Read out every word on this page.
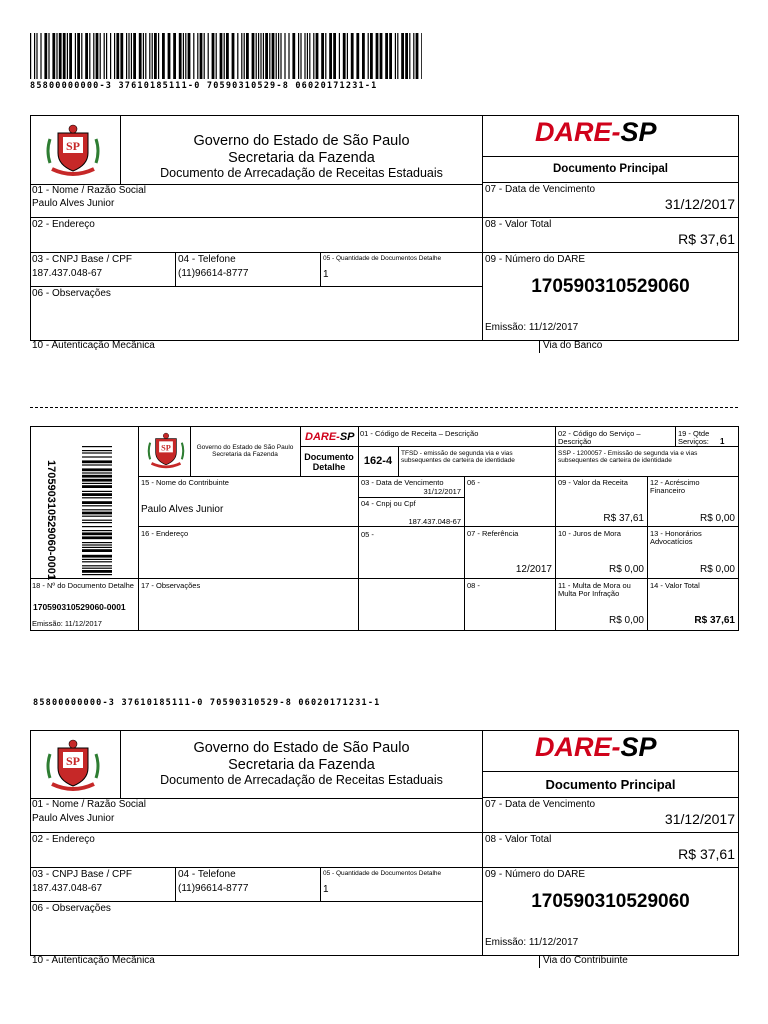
85800000000-3 37610185111-0 70590310529-8 06020171231-1
SP	Governo do Estado de São Paulo
Secretaria da Fazenda
Documento de Arrecadação de Receitas Estaduais
DARE-SP
Documento Principal
01 - Nome / Razão Social
Paulo Alves Junior
02 - Endereço
03 - CNPJ Base / CPF
187.437.048-67
04 - Telefone
(11)96614-8777
05 - Quantidade de Documentos Detalhe
1
06 - Observações
07 - Data de Vencimento
31/12/2017
08 - Valor Total
R$ 37,61
09 - Número do DARE
170590310529060
Emissão: 11/12/2017
10 - Autenticação Mecânica	Via do Banco
170590310529060-0001
SP	Governo do Estado de São Paulo
Secretaria da Fazenda
DARE-SP
Documento
Detalhe	162-4
01 - Código de Receita – Descrição
TFSD - emissão de segunda via e vias subsequentes de carteira de identidade
02 - Código do Serviço – Descrição
SSP - 1200057 - Emissão de segunda via e vias subsequentes de carteira de identidade
19 - Qtde Serviços:	1
15 - Nome do Contribuinte
Paulo Alves Junior
03 - Data de Vencimento
31/12/2017
04 - Cnpj ou Cpf
187.437.048-67
06 -	09 - Valor da Receita
R$ 37,61
12 - Acréscimo Financeiro
R$ 0,00
16 - Endereço	05 -	07 - Referência
12/2017
10 - Juros de Mora
R$ 0,00
13 - Honorários Advocatícios
R$ 0,00
18 - Nº do Documento Detalhe
170590310529060-0001
Emissão: 11/12/2017
17 - Observações	08 -	11 - Multa de Mora ou Multa Por Infração
R$ 0,00
14 - Valor Total
R$ 37,61
85800000000-3 37610185111-0 70590310529-8 06020171231-1
SP
Governo do Estado de São Paulo
Secretaria da Fazenda
Documento de Arrecadação de Receitas Estaduais
DARE-SP
Documento Principal
01 - Nome / Razão Social
Paulo Alves Junior
02 - Endereço
03 - CNPJ Base / CPF
187.437.048-67
04 - Telefone
(11)96614-8777
05 - Quantidade de Documentos Detalhe
1
06 - Observações
07 - Data de Vencimento
31/12/2017
08 - Valor Total
R$ 37,61
09 - Número do DARE
170590310529060
Emissão: 11/12/2017
10 - Autenticação Mecânica	Via do Contribuinte
